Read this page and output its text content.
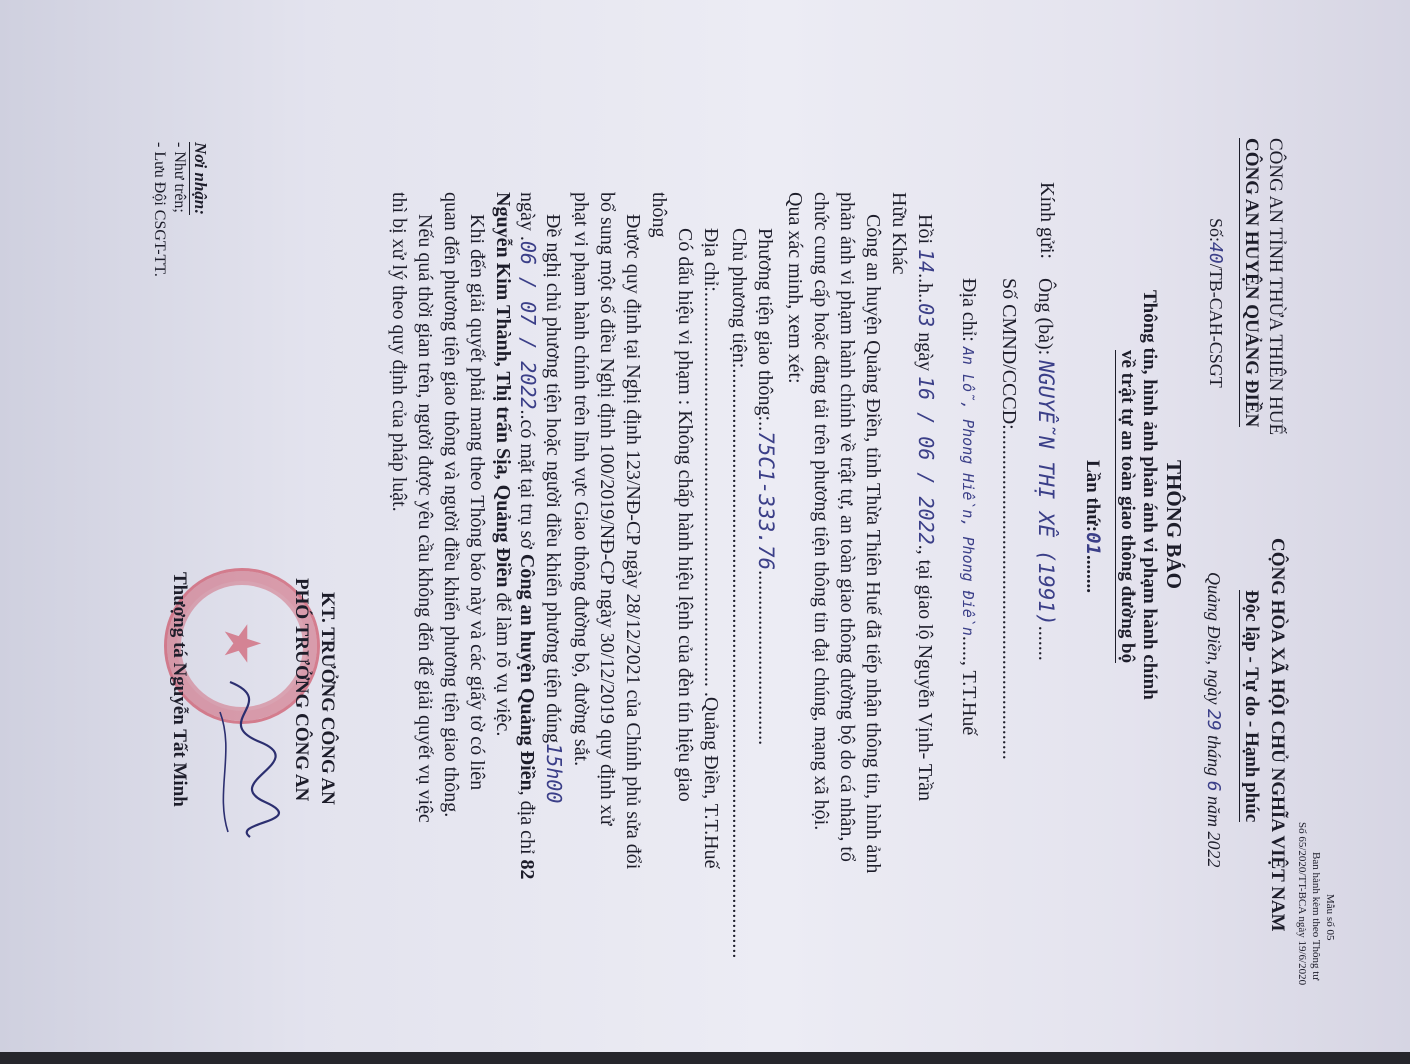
Mẫu số 05
Ban hành kèm theo Thông tư
Số 65/2020/TT-BCA ngày 19/6/2020
CÔNG AN TỈNH THỪA THIÊN HUẾ
CÔNG AN HUYỆN QUẢNG ĐIỀN
Số:40/TB-CAH-CSGT
CỘNG HÒA XÃ HỘI CHỦ NGHĨA VIỆT NAM
Độc lập - Tự do - Hạnh phúc
Quảng Điền, ngày 29 tháng 6 năm 2022
THÔNG BÁO
Thông tin, hình ảnh phản ánh vi phạm hành chính
về trật tự an toàn giao thông đường bộ
Lần thứ:01........
Kính gửi:
Ông (bà): NGUYỄN THỊ XÊ (1991).......
Số CMND/CCCD:..................................................................
Địa chỉ: An Lỗ, Phong Hiền, Phong Điền....., T.T.Huế
Hồi 14..h..03 ngày 16 / 06 / 2022., tại giao lộ Nguyễn Vịnh- Trần
Hữu Khác
Công an huyện Quảng Điền, tỉnh Thừa Thiên Huế đã tiếp nhận thông tin, hình ảnh
phản ánh vi phạm hành chính về trật tự, an toàn giao thông đường bộ do cá nhân, tổ
chức cung cấp hoặc đăng tải trên phương tiện thông tin đại chúng, mạng xã hội.
Qua xác minh, xem xét:
Phương tiện giao thông:..75C1-333.76...................................
Chủ phương tiện:......................................................................................................................
Địa chỉ:............................................................................... .Quảng Điền, T.T.Huế
Có dấu hiệu vi phạm : Không chấp hành hiệu lệnh của đèn tín hiệu giao
thông
Được quy định tại Nghị định 123/NĐ-CP ngày 28/12/2021 của Chính phủ sửa đổi
bổ sung một số điều Nghị định 100/2019/NĐ-CP ngày 30/12/2019 quy định xử
phạt vi phạm hành chính trên lĩnh vực Giao thông đường bộ, đường sắt.
Đề nghị chủ phương tiện hoặc người điều khiển phương tiện đúng15h00
ngày .06 / 07 / 2022..có mặt tại trụ sở Công an huyện Quảng Điền, địa chỉ 82
Nguyễn Kim Thành, Thị trấn Sịa, Quảng Điền để làm rõ vụ việc.
Khi đến giải quyết phải mang theo Thông báo này và các giấy tờ có liên
quan đến phương tiện giao thông và người điều khiển phương tiện giao thông.
Nếu quá thời gian trên, người được yêu cầu không đến để giải quyết vụ việc
thì bị xử lý theo quy định của pháp luật.
Nơi nhận:
- Như trên;
- Lưu Đội CSGT-TT.
★ KT. TRƯỞNG CÔNG AN
PHÓ TRƯỞNG CÔNG AN
Thượng tá Nguyễn Tất Minh
